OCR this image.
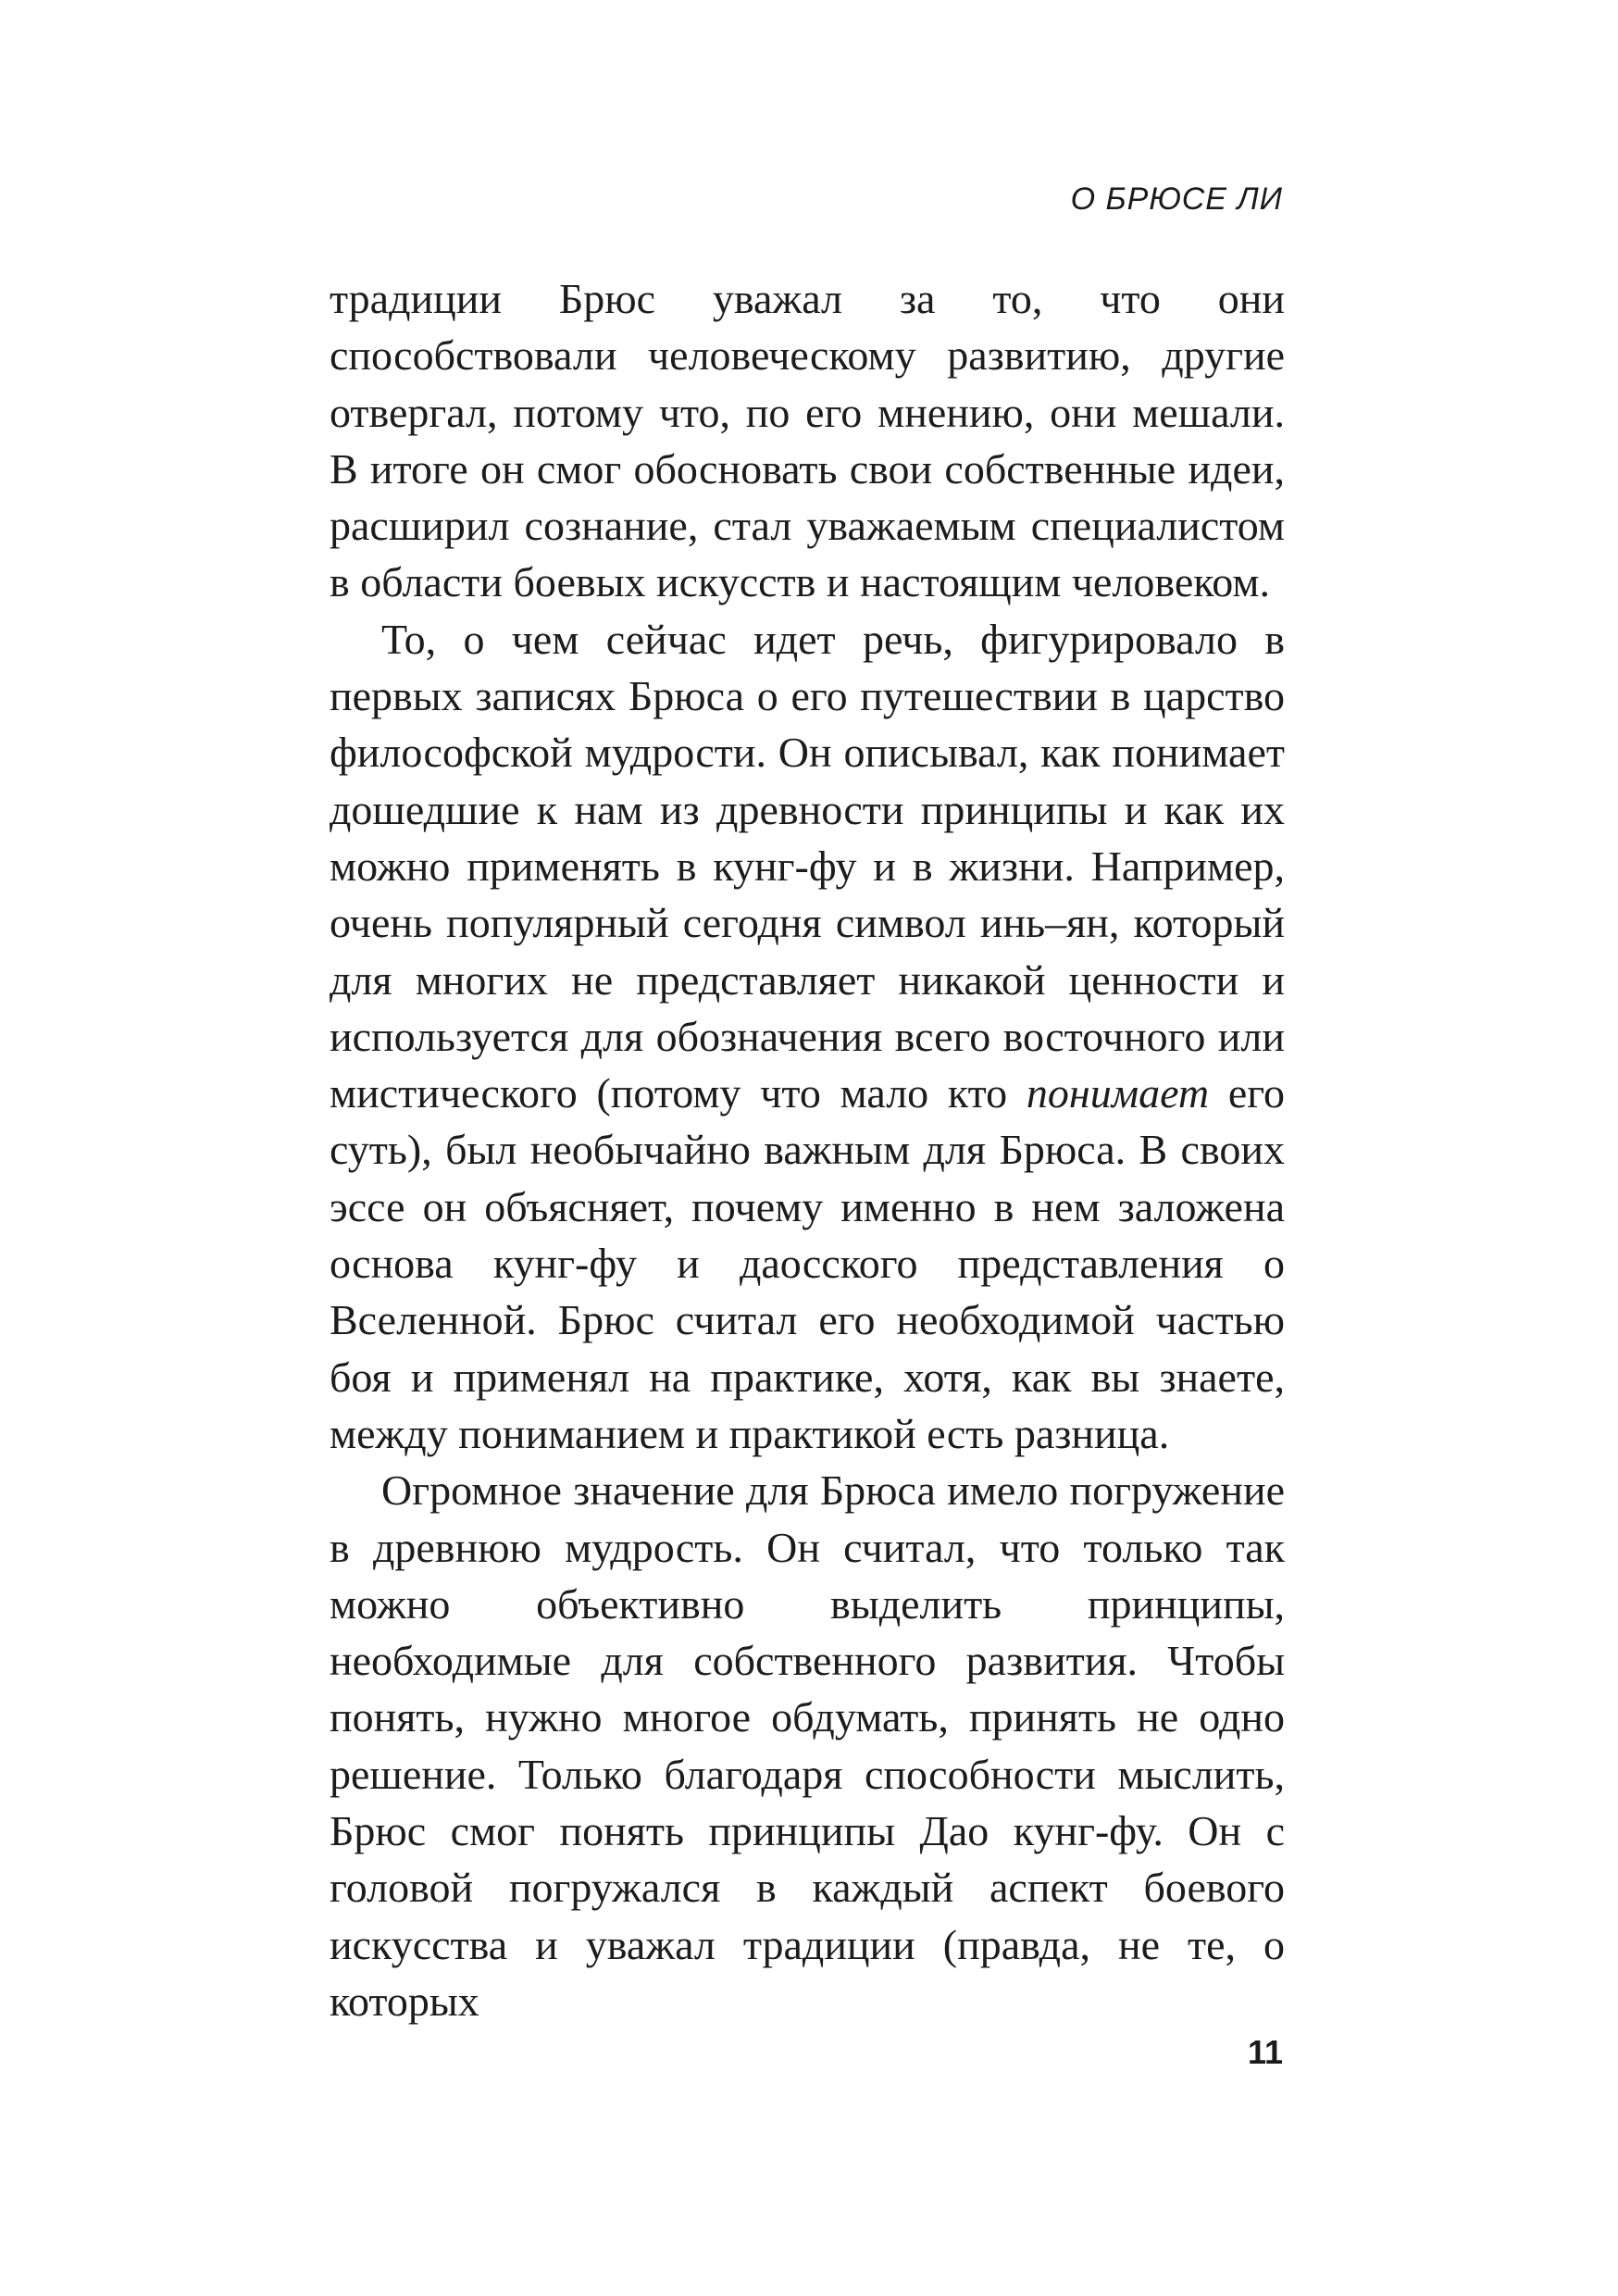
О БРЮСЕ ЛИ

традиции Брюс уважал за то, что они способствовали человеческому развитию, другие отвергал, потому что, по его мнению, они мешали. В итоге он смог обосновать свои собственные идеи, расширил сознание, стал уважаемым специалистом в области боевых искусств и настоящим человеком.

То, о чем сейчас идет речь, фигурировало в первых записях Брюса о его путешествии в царство философской мудрости. Он описывал, как понимает дошедшие к нам из древности принципы и как их можно применять в кунг-фу и в жизни. Например, очень популярный сегодня символ инь–ян, который для многих не представляет никакой ценности и используется для обозначения всего восточного или мистического (потому что мало кто понимает его суть), был необычайно важным для Брюса. В своих эссе он объясняет, почему именно в нем заложена основа кунг-фу и даосского представления о Вселенной. Брюс считал его необходимой частью боя и применял на практике, хотя, как вы знаете, между пониманием и практикой есть разница.

Огромное значение для Брюса имело погружение в древнюю мудрость. Он считал, что только так можно объективно выделить принципы, необходимые для собственного развития. Чтобы понять, нужно многое обдумать, принять не одно решение. Только благодаря способности мыслить, Брюс смог понять принципы Дао кунг-фу. Он с головой погружался в каждый аспект боевого искусства и уважал традиции (правда, не те, о которых

11
